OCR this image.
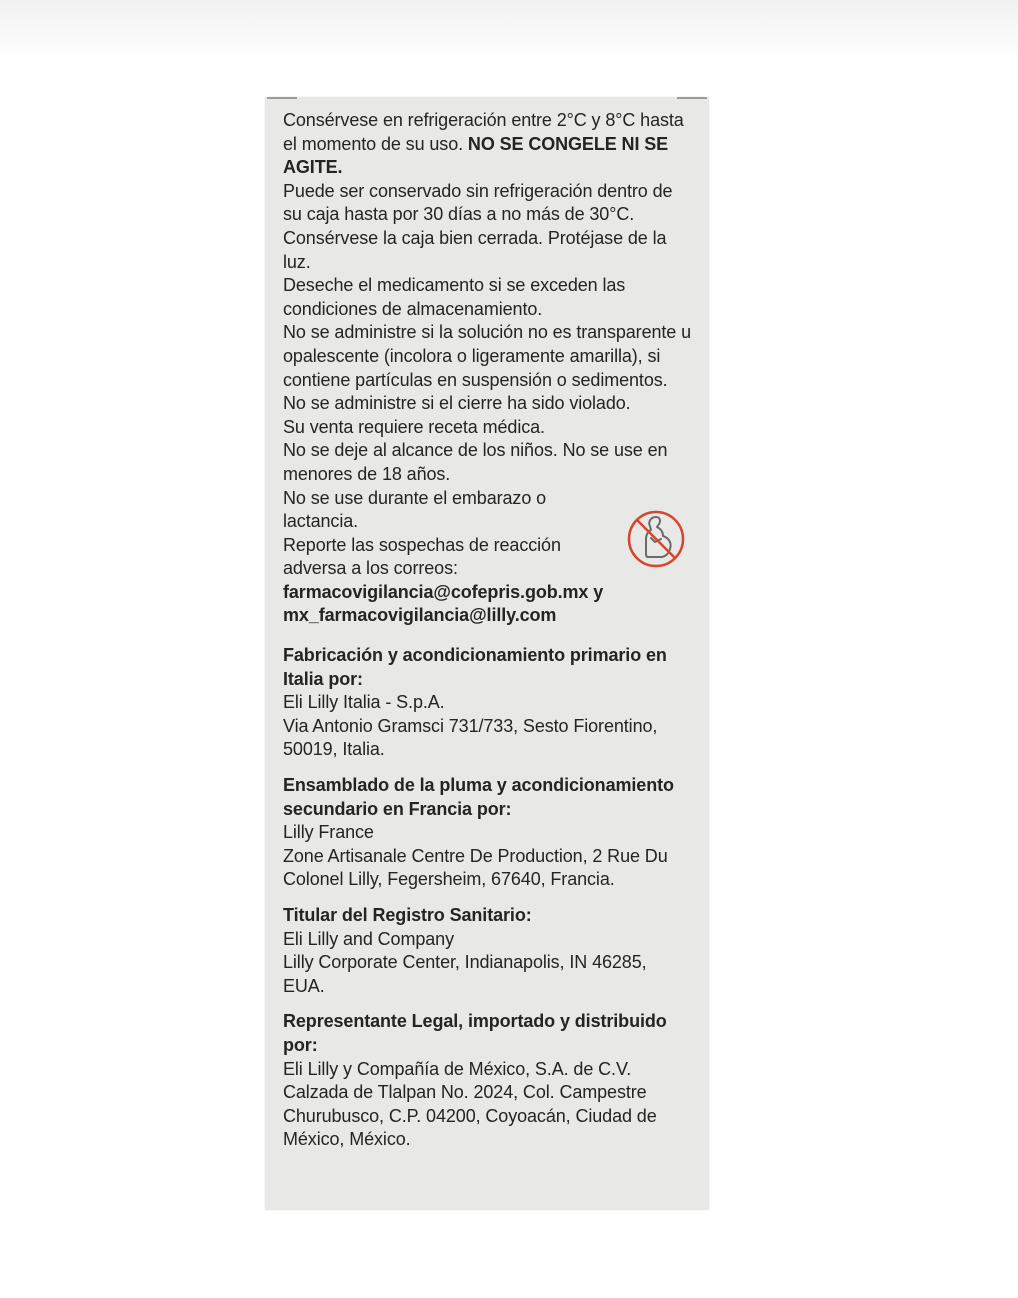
Consérvese en refrigeración entre 2°C y 8°C hasta el momento de su uso. NO SE CONGELE NI SE AGITE.

Puede ser conservado sin refrigeración dentro de su caja hasta por 30 días a no más de 30°C.

Consérvese la caja bien cerrada. Protéjase de la luz.

Deseche el medicamento si se exceden las condiciones de almacenamiento.

No se administre si la solución no es transparente u opalescente (incolora o ligeramente amarilla), si contiene partículas en suspensión o sedimentos.

No se administre si el cierre ha sido violado.

Su venta requiere receta médica.

No se deje al alcance de los niños. No se use en menores de 18 años.

No se use durante el embarazo o lactancia.

Reporte las sospechas de reacción adversa a los correos:

farmacovigilancia@cofepris.gob.mx y mx_farmacovigilancia@lilly.com

Fabricación y acondicionamiento primario en Italia por:

Eli Lilly Italia - S.p.A.

Via Antonio Gramsci 731/733, Sesto Fiorentino, 50019, Italia.

Ensamblado de la pluma y acondicionamiento secundario en Francia por:

Lilly France

Zone Artisanale Centre De Production, 2 Rue Du Colonel Lilly, Fegersheim, 67640, Francia.

Titular del Registro Sanitario:

Eli Lilly and Company

Lilly Corporate Center, Indianapolis, IN 46285, EUA.

Representante Legal, importado y distribuido por:

Eli Lilly y Compañía de México, S.A. de C.V.

Calzada de Tlalpan No. 2024, Col. Campestre Churubusco, C.P. 04200, Coyoacán, Ciudad de México, México.
